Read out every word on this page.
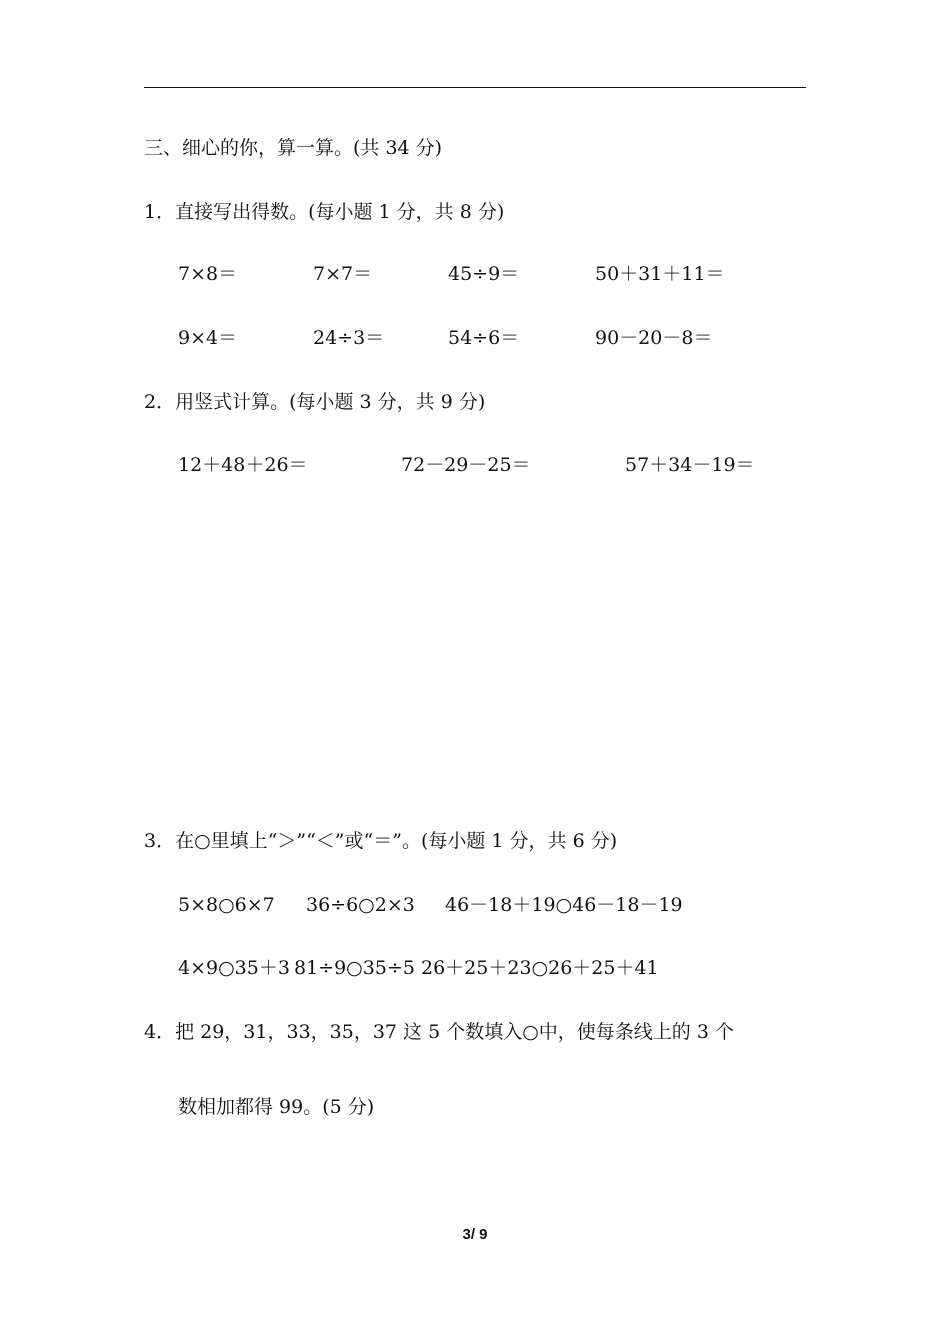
三、细心的你，算一算。(共 34 分)
1．直接写出得数。(每小题 1 分，共 8 分)
7×8＝	7×7＝	45÷9＝	50＋31＋11＝
9×4＝	24÷3＝	54÷6＝	90－20－8＝
2．用竖式计算。(每小题 3 分，共 9 分)
12＋48＋26＝	72－29－25＝	57＋34－19＝
3．在○里填上“＞”“＜”或“＝”。(每小题 1 分，共 6 分)
5×8○6×7 36÷6○2×3 46－18＋19○46－18－19
4×9○35＋3 81÷9○35÷5 26＋25＋23○26＋25＋41
4．把 29，31，33，35，37 这 5 个数填入○中，使每条线上的 3 个
数相加都得 99。(5 分)
3/ 9
